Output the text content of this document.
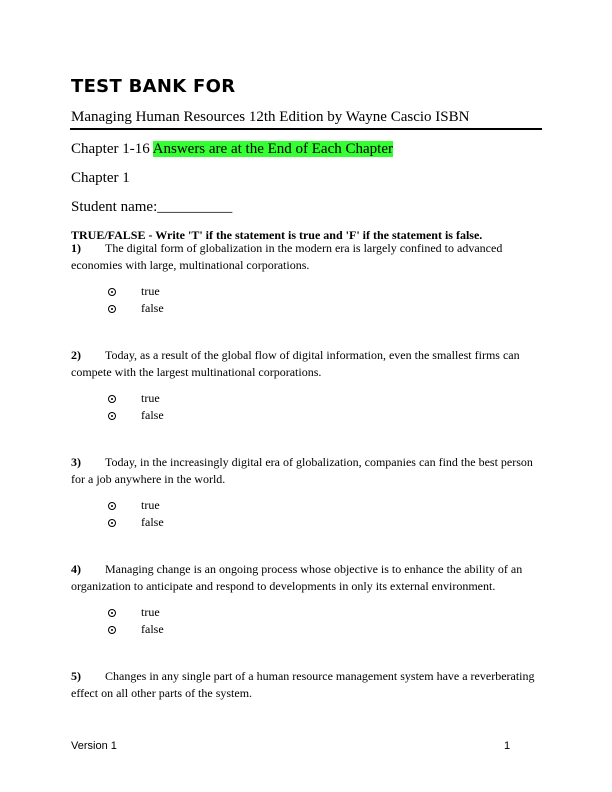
TEST BANK FOR

Managing Human Resources 12th Edition by Wayne Cascio ISBN

Chapter 1-16 Answers are at the End of Each Chapter

Chapter 1

Student name:__________

TRUE/FALSE - Write 'T' if the statement is true and 'F' if the statement is false.

1) The digital form of globalization in the modern era is largely confined to advanced
economies with large, multinational corporations.
true
false
2) Today, as a result of the global flow of digital information, even the smallest firms can
compete with the largest multinational corporations.
true
false
3) Today, in the increasingly digital era of globalization, companies can find the best person
for a job anywhere in the world.
true
false
4) Managing change is an ongoing process whose objective is to enhance the ability of an
organization to anticipate and respond to developments in only its external environment.
true
false
5) Changes in any single part of a human resource management system have a reverberating
effect on all other parts of the system.

Version 1	1
